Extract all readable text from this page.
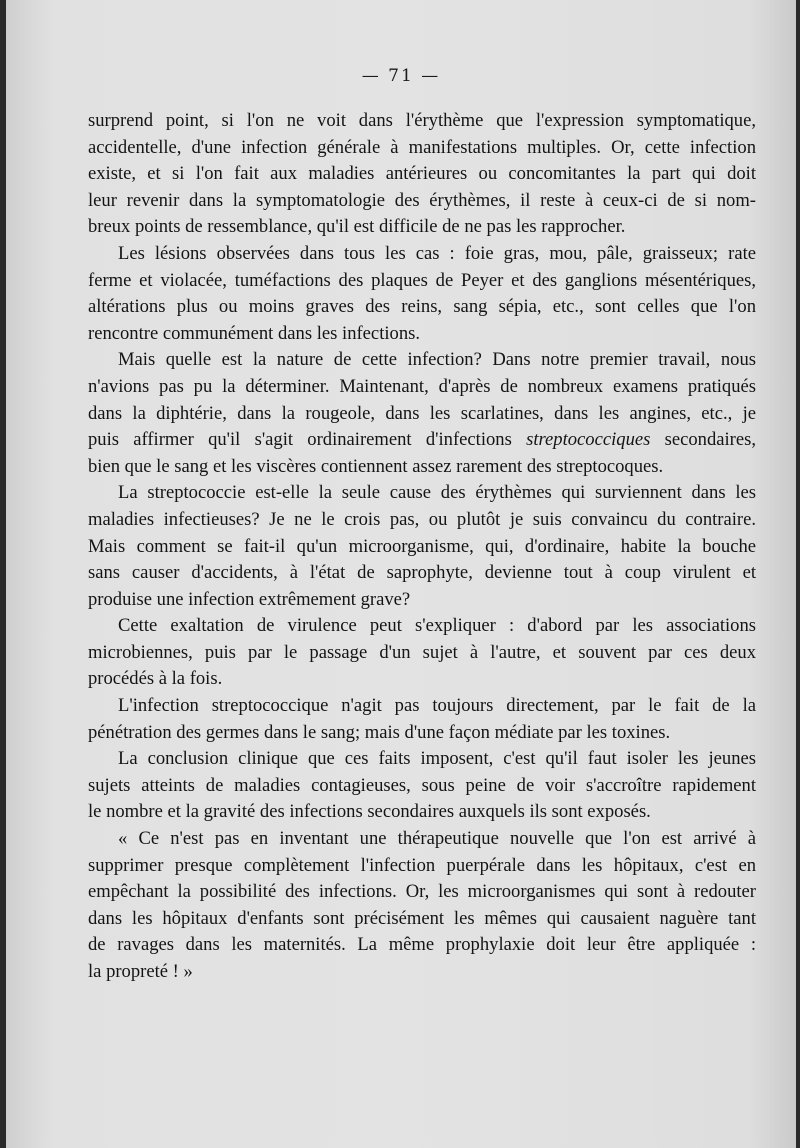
— 71 —

surprend point, si l'on ne voit dans l'érythème que l'expression symptomatique,

accidentelle, d'une infection générale à manifestations multiples. Or, cette infection

existe, et si l'on fait aux maladies antérieures ou concomitantes la part qui doit

leur revenir dans la symptomatologie des érythèmes, il reste à ceux-ci de si nom-

breux points de ressemblance, qu'il est difficile de ne pas les rapprocher.

Les lésions observées dans tous les cas : foie gras, mou, pâle, graisseux; rate

ferme et violacée, tuméfactions des plaques de Peyer et des ganglions mésentériques,

altérations plus ou moins graves des reins, sang sépia, etc., sont celles que l'on

rencontre communément dans les infections.

Mais quelle est la nature de cette infection? Dans notre premier travail, nous

n'avions pas pu la déterminer. Maintenant, d'après de nombreux examens pratiqués

dans la diphtérie, dans la rougeole, dans les scarlatines, dans les angines, etc., je

puis affirmer qu'il s'agit ordinairement d'infections streptococciques secondaires,

bien que le sang et les viscères contiennent assez rarement des streptocoques.

La streptococcie est-elle la seule cause des érythèmes qui surviennent dans les

maladies infectieuses? Je ne le crois pas, ou plutôt je suis convaincu du contraire.

Mais comment se fait-il qu'un microorganisme, qui, d'ordinaire, habite la bouche

sans causer d'accidents, à l'état de saprophyte, devienne tout à coup virulent et

produise une infection extrêmement grave?

Cette exaltation de virulence peut s'expliquer : d'abord par les associations

microbiennes, puis par le passage d'un sujet à l'autre, et souvent par ces deux

procédés à la fois.

L'infection streptococcique n'agit pas toujours directement, par le fait de la

pénétration des germes dans le sang; mais d'une façon médiate par les toxines.

La conclusion clinique que ces faits imposent, c'est qu'il faut isoler les jeunes

sujets atteints de maladies contagieuses, sous peine de voir s'accroître rapidement

le nombre et la gravité des infections secondaires auxquels ils sont exposés.

« Ce n'est pas en inventant une thérapeutique nouvelle que l'on est arrivé à

supprimer presque complètement l'infection puerpérale dans les hôpitaux, c'est en

empêchant la possibilité des infections. Or, les microorganismes qui sont à redouter

dans les hôpitaux d'enfants sont précisément les mêmes qui causaient naguère tant

de ravages dans les maternités. La même prophylaxie doit leur être appliquée :

la propreté ! »
